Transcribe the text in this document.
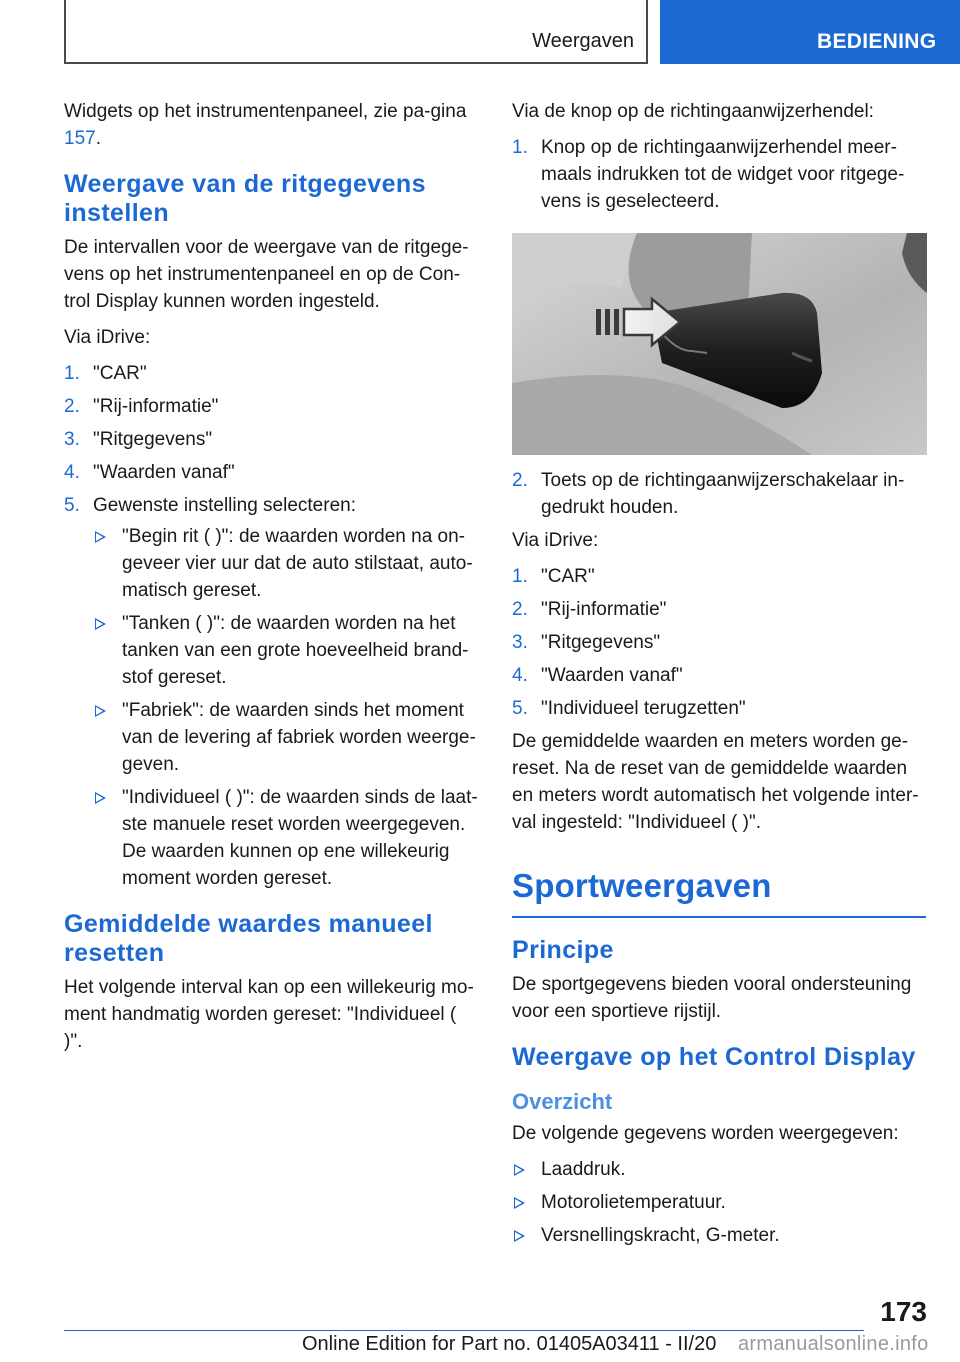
Weergaven	BEDIENING

Widgets op het instrumentenpaneel, zie pa-gina 157.

Weergave van de ritgegevens instellen

De intervallen voor de weergave van de ritgege-vens op het instrumentenpaneel en op de Con-trol Display kunnen worden ingesteld.

Via iDrive:

1. "CAR"
2. "Rij-informatie"
3. "Ritgegevens"
4. "Waarden vanaf"
5. Gewenste instelling selecteren:
"Begin rit ( )": de waarden worden na on-geveer vier uur dat de auto stilstaat, auto-matisch gereset.
"Tanken ( )": de waarden worden na het tanken van een grote hoeveelheid brand-stof gereset.
"Fabriek": de waarden sinds het moment van de levering af fabriek worden weerge-geven.
"Individueel ( )": de waarden sinds de laat-ste manuele reset worden weergegeven. De waarden kunnen op ene willekeurig moment worden gereset.
Gemiddelde waardes manueel resetten

Het volgende interval kan op een willekeurig mo-ment handmatig worden gereset: "Individueel ( )".

Via de knop op de richtingaanwijzerhendel:

1. Knop op de richtingaanwijzerhendel meer-maals indrukken tot de widget voor ritgege-vens is geselecteerd.
2. Toets op de richtingaanwijzerschakelaar in-gedrukt houden.

Via iDrive:

1. "CAR"
2. "Rij-informatie"
3. "Ritgegevens"
4. "Waarden vanaf"
5. "Individueel terugzetten"

De gemiddelde waarden en meters worden ge-reset. Na de reset van de gemiddelde waarden en meters wordt automatisch het volgende inter-val ingesteld: "Individueel ( )".

Sportweergaven
Principe

De sportgegevens bieden vooral ondersteuning voor een sportieve rijstijl.

Weergave op het Control Display
Overzicht

De volgende gegevens worden weergegeven:

Laaddruk.
Motorolietemperatuur.
Versnellingskracht, G-meter.
173
Online Edition for Part no. 01405A03411 - II/20 armanualsonline.info
